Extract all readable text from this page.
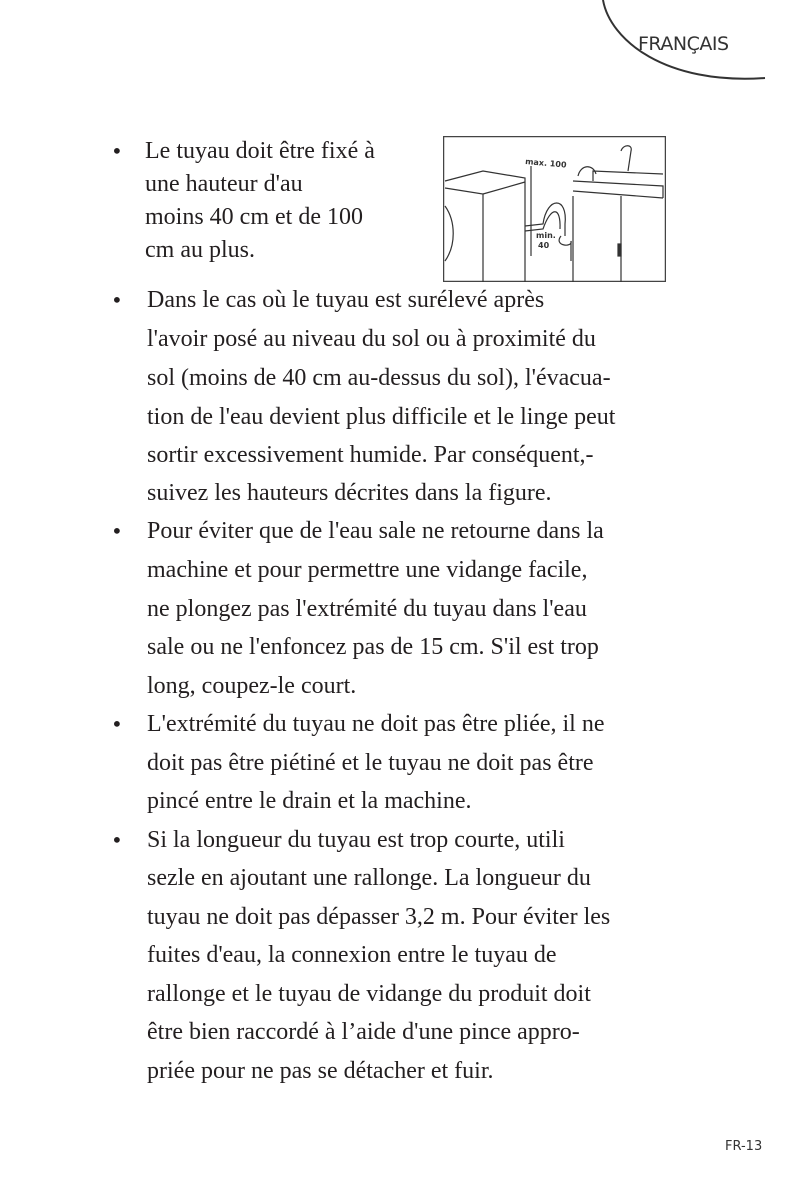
FRANÇAIS
max. 100
min.
40
• Le tuyau doit être fixé à
une hauteur d'au
moins 40 cm et de 100
cm au plus.
• Dans le cas où le tuyau est surélevé après
l'avoir posé au niveau du sol ou à proximité du
sol (moins de 40 cm au-dessus du sol), l'évacua-
tion de l'eau devient plus difficile et le linge peut
sortir excessivement humide. Par conséquent,-
suivez les hauteurs décrites dans la figure.
• Pour éviter que de l'eau sale ne retourne dans la
machine et pour permettre une vidange facile,
ne plongez pas l'extrémité du tuyau dans l'eau
sale ou ne l'enfoncez pas de 15 cm. S'il est trop
long, coupez-le court.
• L'extrémité du tuyau ne doit pas être pliée, il ne
doit pas être piétiné et le tuyau ne doit pas être
pincé entre le drain et la machine.
• Si la longueur du tuyau est trop courte, utili
sezle en ajoutant une rallonge. La longueur du
tuyau ne doit pas dépasser 3,2 m. Pour éviter les
fuites d'eau, la connexion entre le tuyau de
rallonge et le tuyau de vidange du produit doit
être bien raccordé à l’aide d'une pince appro-
priée pour ne pas se détacher et fuir.
FR-13
